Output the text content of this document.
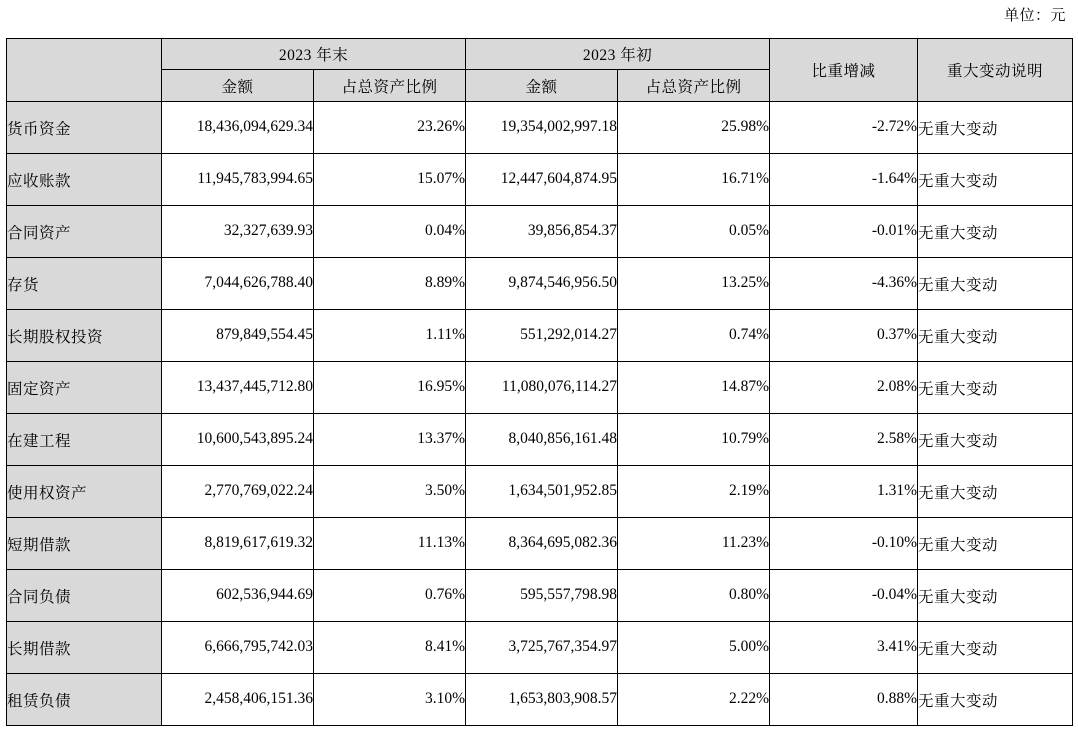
单位：元
	2023 年末		2023 年初		比重增减	重大变动说明
	金额	占总资产比例	金额	占总资产比例		
货币资金	18,436,094,629.34	23.26%	19,354,002,997.18	25.98%	-2.72%	无重大变动
应收账款	11,945,783,994.65	15.07%	12,447,604,874.95	16.71%	-1.64%	无重大变动
合同资产	32,327,639.93	0.04%	39,856,854.37	0.05%	-0.01%	无重大变动
存货	7,044,626,788.40	8.89%	9,874,546,956.50	13.25%	-4.36%	无重大变动
长期股权投资	879,849,554.45	1.11%	551,292,014.27	0.74%	0.37%	无重大变动
固定资产	13,437,445,712.80	16.95%	11,080,076,114.27	14.87%	2.08%	无重大变动
在建工程	10,600,543,895.24	13.37%	8,040,856,161.48	10.79%	2.58%	无重大变动
使用权资产	2,770,769,022.24	3.50%	1,634,501,952.85	2.19%	1.31%	无重大变动
短期借款	8,819,617,619.32	11.13%	8,364,695,082.36	11.23%	-0.10%	无重大变动
合同负债	602,536,944.69	0.76%	595,557,798.98	0.80%	-0.04%	无重大变动
长期借款	6,666,795,742.03	8.41%	3,725,767,354.97	5.00%	3.41%	无重大变动
租赁负债	2,458,406,151.36	3.10%	1,653,803,908.57	2.22%	0.88%	无重大变动
